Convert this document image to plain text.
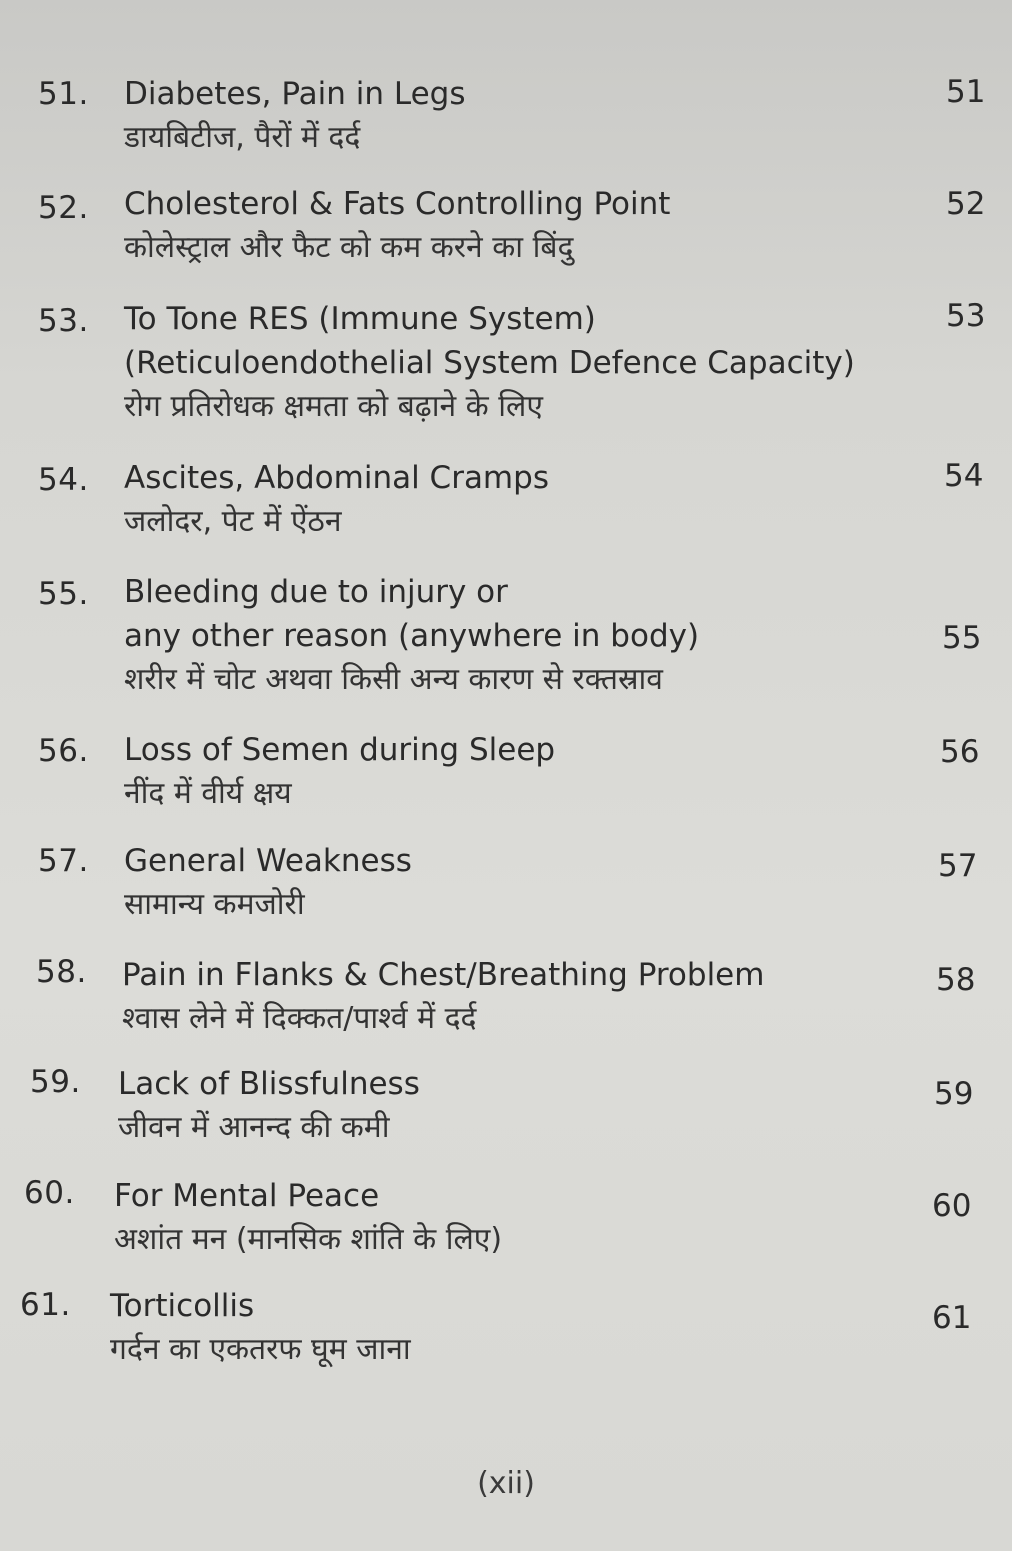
51. Diabetes, Pain in Legs
डायबिटीज, पैरों में दर्द
51
52. Cholesterol & Fats Controlling Point
कोलेस्ट्राल और फैट को कम करने का बिंदु
52
53. To Tone RES (Immune System)
(Reticuloendothelial System Defence Capacity)
रोग प्रतिरोधक क्षमता को बढ़ाने के लिए
53
54. Ascites, Abdominal Cramps
जलोदर, पेट में ऐंठन
54
55. Bleeding due to injury or
any other reason (anywhere in body)
शरीर में चोट अथवा किसी अन्य कारण से रक्तस्राव
55
56. Loss of Semen during Sleep
नींद में वीर्य क्षय
56
57. General Weakness
सामान्य कमजोरी
57
58. Pain in Flanks & Chest/Breathing Problem
श्वास लेने में दिक्कत/पार्श्व में दर्द
58
59. Lack of Blissfulness
जीवन में आनन्द की कमी
59
60. For Mental Peace
अशांत मन (मानसिक शांति के लिए)
60
61. Torticollis
गर्दन का एकतरफ घूम जाना
61
(xii)
